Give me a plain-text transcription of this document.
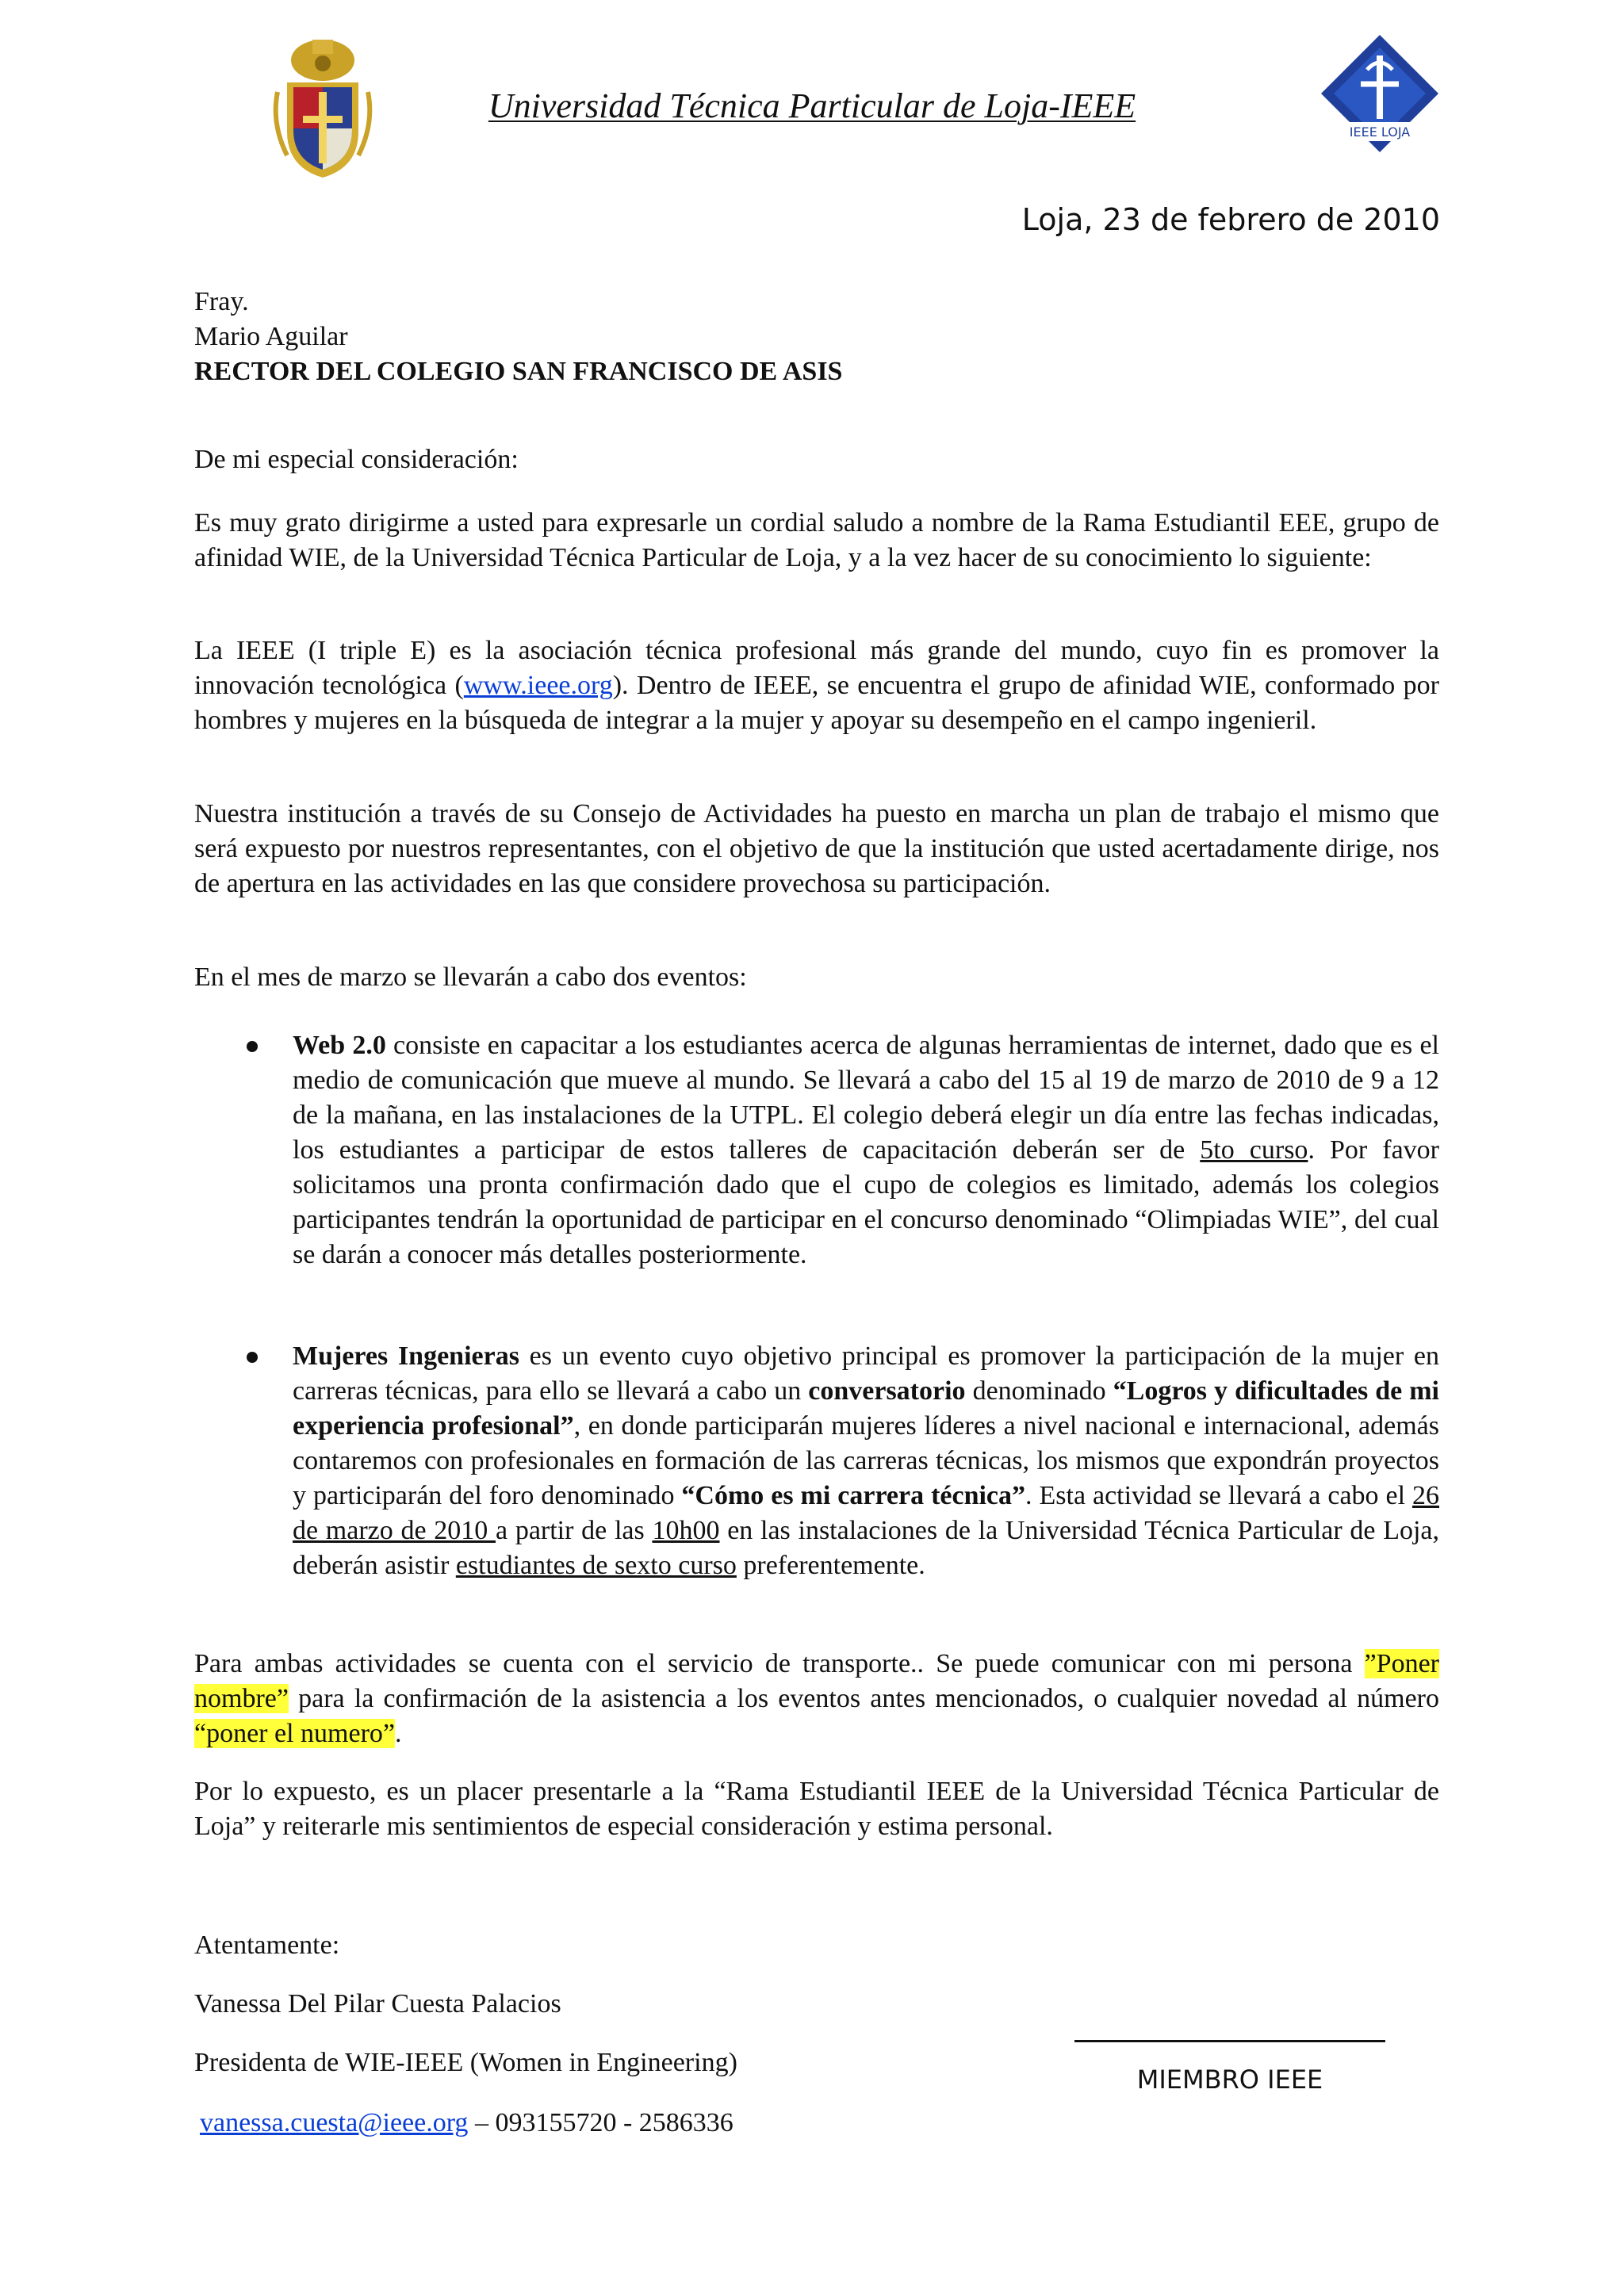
Universidad Técnica Particular de Loja-IEEE
IEEE LOJA
Loja, 23 de febrero de 2010
Fray.
Mario Aguilar
RECTOR DEL COLEGIO SAN FRANCISCO DE ASIS
De mi especial consideración:
Es muy grato dirigirme a usted para expresarle un cordial saludo a nombre de la Rama Estudiantil EEE, grupo de afinidad WIE, de la Universidad Técnica Particular de Loja, y a la vez hacer de su conocimiento lo siguiente:
La IEEE (I triple E) es la asociación técnica profesional más grande del mundo, cuyo fin es promover la innovación tecnológica (www.ieee.org). Dentro de IEEE, se encuentra el grupo de afinidad WIE, conformado por hombres y mujeres en la búsqueda de integrar a la mujer y apoyar su desempeño en el campo ingenieril.
Nuestra institución a través de su Consejo de Actividades ha puesto en marcha un plan de trabajo el mismo que será expuesto por nuestros representantes, con el objetivo de que la institución que usted acertadamente dirige, nos de apertura en las actividades en las que considere provechosa su participación.
En el mes de marzo se llevarán a cabo dos eventos:
Web 2.0 consiste en capacitar a los estudiantes acerca de algunas herramientas de internet, dado que es el medio de comunicación que mueve al mundo. Se llevará a cabo del 15 al 19 de marzo de 2010 de 9 a 12 de la mañana, en las instalaciones de la UTPL. El colegio deberá elegir un día entre las fechas indicadas, los estudiantes a participar de estos talleres de capacitación deberán ser de 5to curso. Por favor solicitamos una pronta confirmación dado que el cupo de colegios es limitado, además los colegios participantes tendrán la oportunidad de participar en el concurso denominado “Olimpiadas WIE”, del cual se darán a conocer más detalles posteriormente.
Mujeres Ingenieras es un evento cuyo objetivo principal es promover la participación de la mujer en carreras técnicas, para ello se llevará a cabo un conversatorio denominado “Logros y dificultades de mi experiencia profesional”, en donde participarán mujeres líderes a nivel nacional e internacional, además contaremos con profesionales en formación de las carreras técnicas, los mismos que expondrán proyectos y participarán del foro denominado “Cómo es mi carrera técnica”. Esta actividad se llevará a cabo el 26 de marzo de 2010 a partir de las 10h00 en las instalaciones de la Universidad Técnica Particular de Loja, deberán asistir estudiantes de sexto curso preferentemente.
Para ambas actividades se cuenta con el servicio de transporte.. Se puede comunicar con mi persona ”Poner nombre” para la confirmación de la asistencia a los eventos antes mencionados, o cualquier novedad al número “poner el numero”.
Por lo expuesto, es un placer presentarle a la “Rama Estudiantil IEEE de la Universidad Técnica Particular de Loja” y reiterarle mis sentimientos de especial consideración y estima personal.
Atentamente:
Vanessa Del Pilar Cuesta Palacios
Presidenta de WIE-IEEE (Women in Engineering)
vanessa.cuesta@ieee.org – 093155720 - 2586336
MIEMBRO IEEE
